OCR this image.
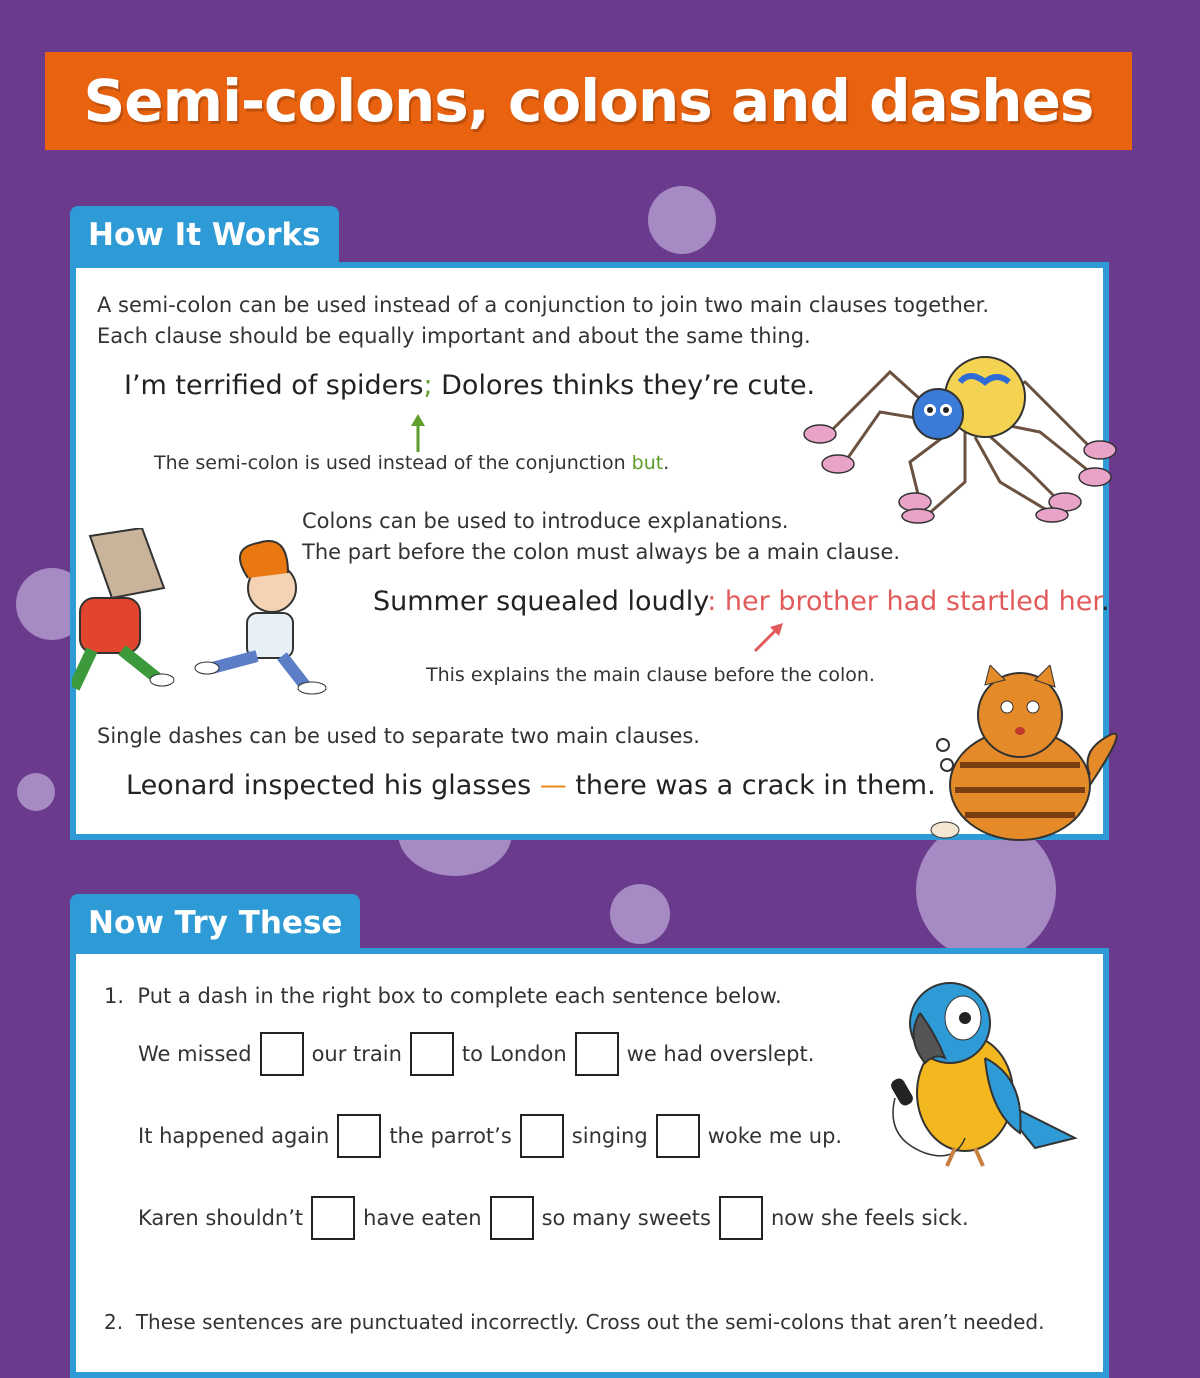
Semi-colons, colons and dashes
How It Works
A semi-colon can be used instead of a conjunction to join two main clauses together.
Each clause should be equally important and about the same thing.
I’m terrified of spiders; Dolores thinks they’re cute.
The semi-colon is used instead of the conjunction but.
Colons can be used to introduce explanations.
The part before the colon must always be a main clause.
Summer squealed loudly: her brother had startled her.
This explains the main clause before the colon.
Single dashes can be used to separate two main clauses.
Leonard inspected his glasses — there was a crack in them.
Now Try These
1. Put a dash in the right box to complete each sentence below.
We missed	our train	to London	we had overslept.
It happened again	the parrot’s	singing	woke me up.
Karen shouldn’t	have eaten	so many sweets	now she feels sick.
2. These sentences are punctuated incorrectly. Cross out the semi-colons that aren’t needed.
